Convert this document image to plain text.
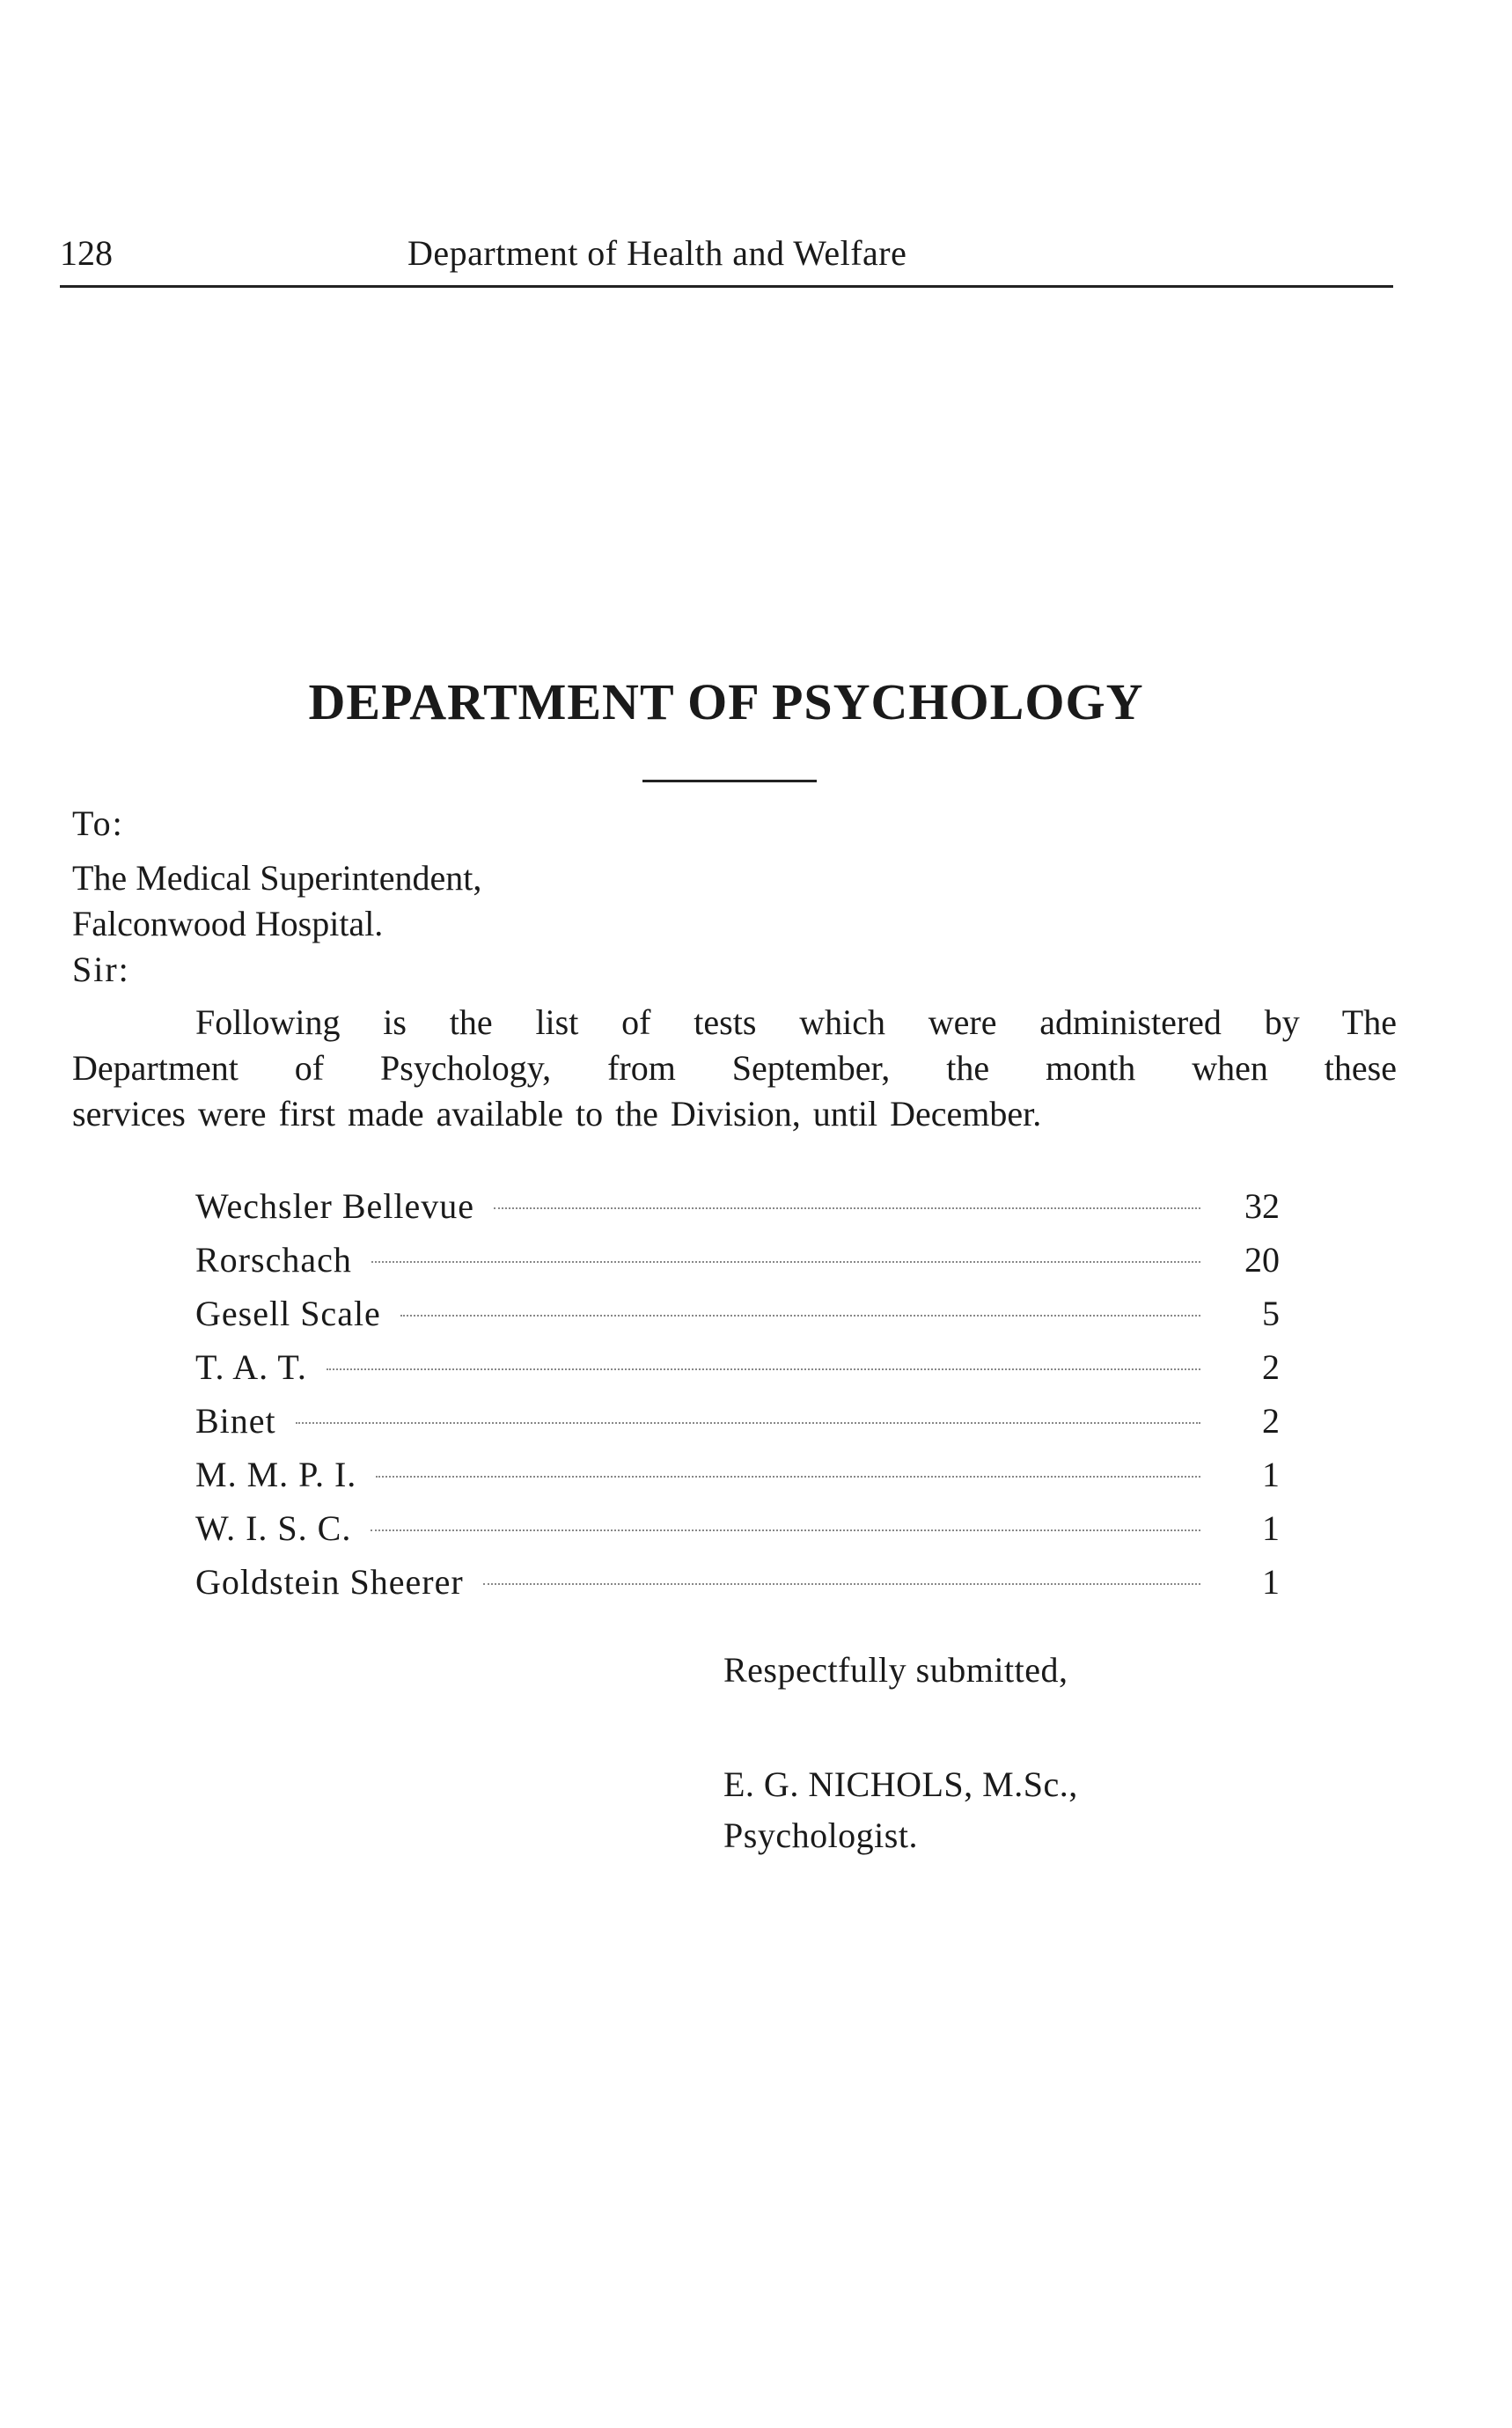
128	Department of Health and Welfare
DEPARTMENT OF PSYCHOLOGY
To:
The Medical Superintendent,
Falconwood Hospital.
Sir:
Following is the list of tests which were administered by The
Department of Psychology, from September, the month when these
services were first made available to the Division, until December.
Wechsler Bellevue	32
Rorschach	20
Gesell Scale	5
T. A. T.	2
Binet	2
M. M. P. I.	1
W. I. S. C.	1
Goldstein Sheerer	1
Respectfully submitted,
E. G. NICHOLS, M.Sc.,
Psychologist.
